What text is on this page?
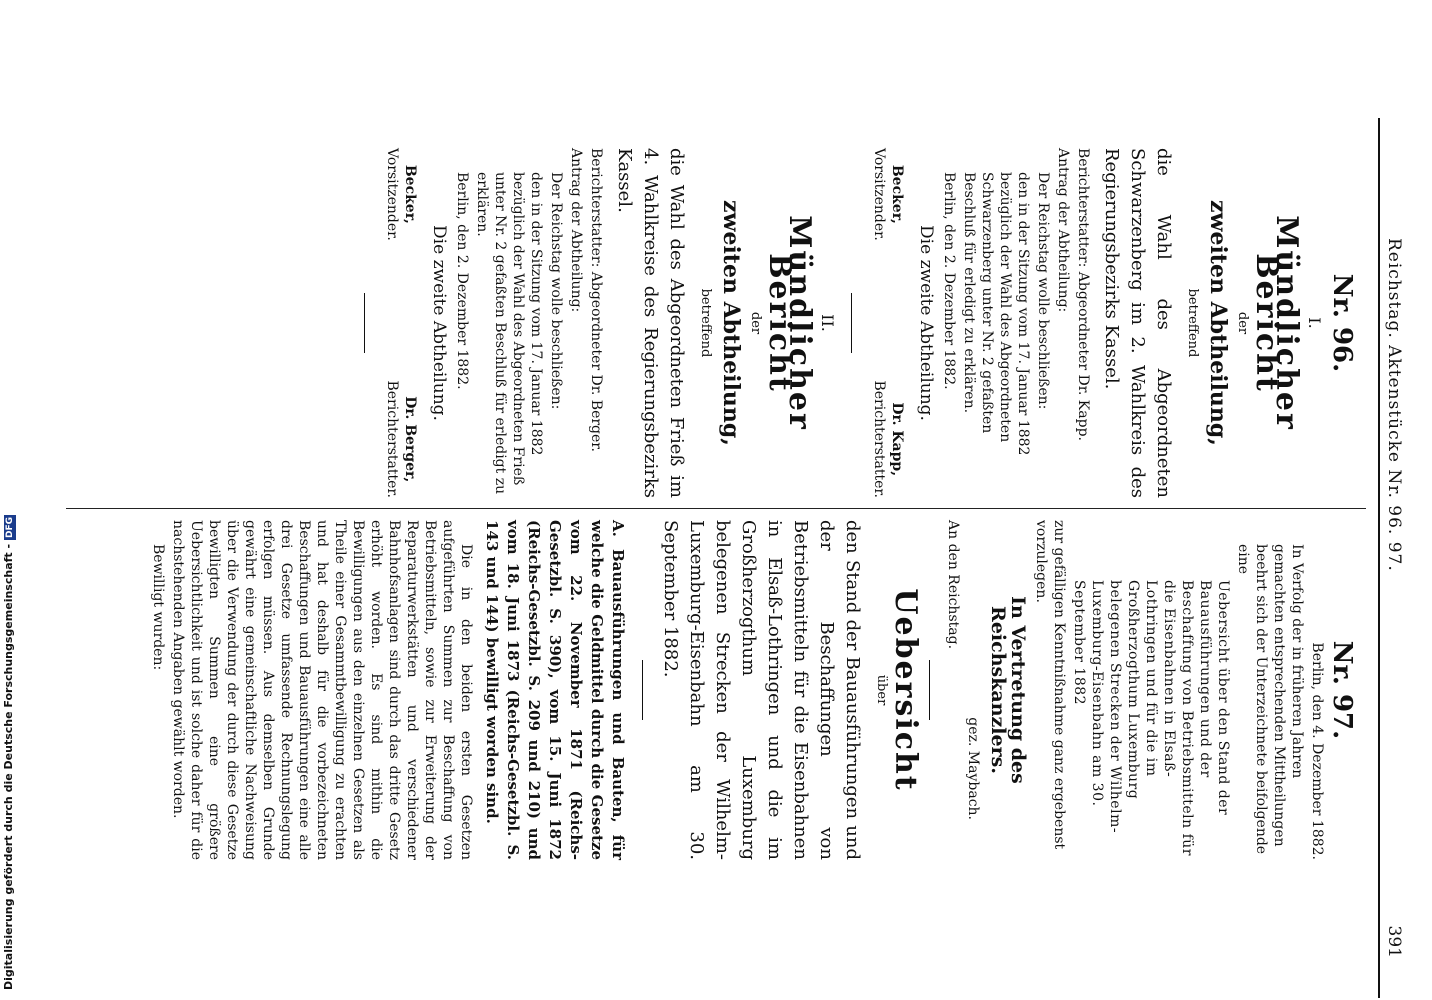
Digitalisierung gefördert durch die Deutsche Forschungsgemeinschaft -DFG	Reichstag. Aktenstücke Nr. 96. 97.
391
Nr. 96.
I.
Mündlicher Bericht
der
zweiten Abtheilung,
betreffend
die Wahl des Abgeordneten Schwarzenberg im 2. Wahlkreis des Regierungsbezirks Kassel.
Berichterstatter: Abgeordneter Dr. Kapp.
Antrag der Abtheilung:
Der Reichstag wolle beschließen:
den in der Sitzung vom 17. Januar 1882 bezüglich der Wahl des Abgeordneten Schwarzenberg unter Nr. 2 gefaßten Beschluß für erledigt zu erklären.
Berlin, den 2. Dezember 1882.
Die zweite Abtheilung.
Becker,
Vorsitzender.
Dr. Kapp,
Berichterstatter.
II.
Mündlicher Bericht
der
zweiten Abtheilung,
betreffend
die Wahl des Abgeordneten Frieß im 4. Wahlkreise des Regierungsbezirks Kassel.
Berichterstatter: Abgeordneter Dr. Berger.
Antrag der Abtheilung:
Der Reichstag wolle beschließen:
den in der Sitzung vom 17. Januar 1882 bezüglich der Wahl des Abgeordneten Frieß unter Nr. 2 gefaßten Beschluß für erledigt zu erklären.
Berlin, den 2. Dezember 1882.
Die zweite Abtheilung.
Becker,
Vorsitzender.
Dr. Berger,
Berichterstatter.
Nr. 97.
Berlin, den 4. Dezember 1882.
In Verfolg der in früheren Jahren gemachten entsprechenden Mittheilungen beehrt sich der Unterzeichnete beifolgende eine
Uebersicht über den Stand der Bauausführungen und der Beschaffung von Betriebsmitteln für die Eisenbahnen in Elsaß-Lothringen und für die im Großherzogthum Luxemburg belegenen Strecken der Wilhelm-Luxemburg-Eisenbahn am 30. September 1882
zur gefälligen Kenntnißnahme ganz ergebenst vorzulegen.
In Vertretung des Reichskanzlers.
gez. Maybach.
An den Reichstag.
Uebersicht
über
den Stand der Bauausführungen und der Beschaffungen von Betriebsmitteln für die Eisenbahnen in Elsaß-Lothringen und die im Großherzogthum Luxemburg belegenen Strecken der Wilhelm-Luxemburg-Eisenbahn am 30. September 1882.
A. Bauausführungen und Bauten, für welche die Geldmittel durch die Gesetze vom 22. November 1871 (Reichs-Gesetzbl. S. 390), vom 15. Juni 1872 (Reichs-Gesetzbl. S. 209 und 210) und vom 18. Juni 1873 (Reichs-Gesetzbl. S. 143 und 144) bewilligt worden sind.
Die in den beiden ersten Gesetzen aufgeführten Summen zur Beschaffung von Betriebsmitteln, sowie zur Erweiterung der Reparaturwerkstätten und verschiedener Bahnhofsanlagen sind durch das dritte Gesetz erhöht worden. Es sind mithin die Bewilligungen aus den einzelnen Gesetzen als Theile einer Gesammtbewilligung zu erachten und hat deshalb für die vorbezeichneten Beschaffungen und Bauausführungen eine alle drei Gesetze umfassende Rechnungslegung erfolgen müssen. Aus demselben Grunde gewährt eine gemeinschaftliche Nachweisung über die Verwendung der durch diese Gesetze bewilligten Summen eine größere Uebersichtlichkeit und ist solche daher für die nachstehenden Angaben gewählt worden.
Bewilligt wurden:
